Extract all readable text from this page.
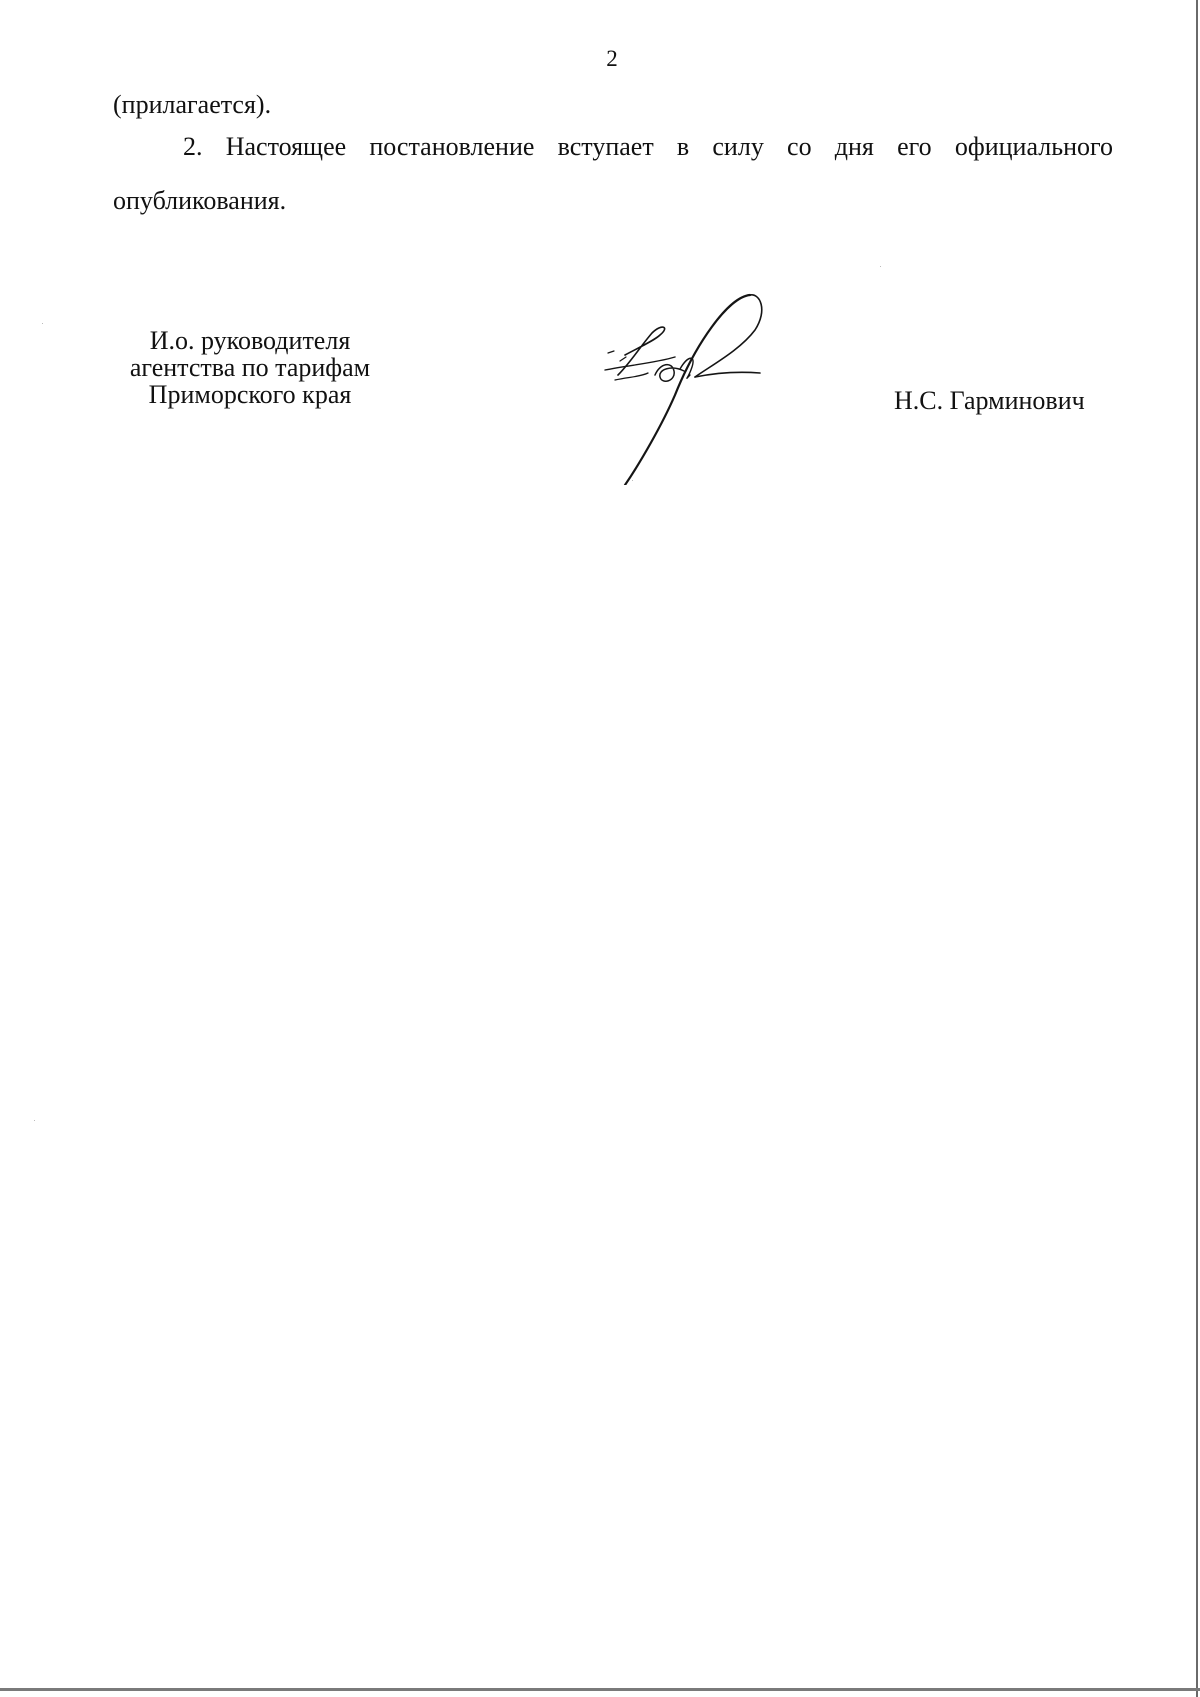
2

(прилагается).

2. Настоящее постановление вступает в силу со дня его официального

опубликования.

И.о. руководителя
агентства по тарифам
Приморского края	Н.С. Гарминович
